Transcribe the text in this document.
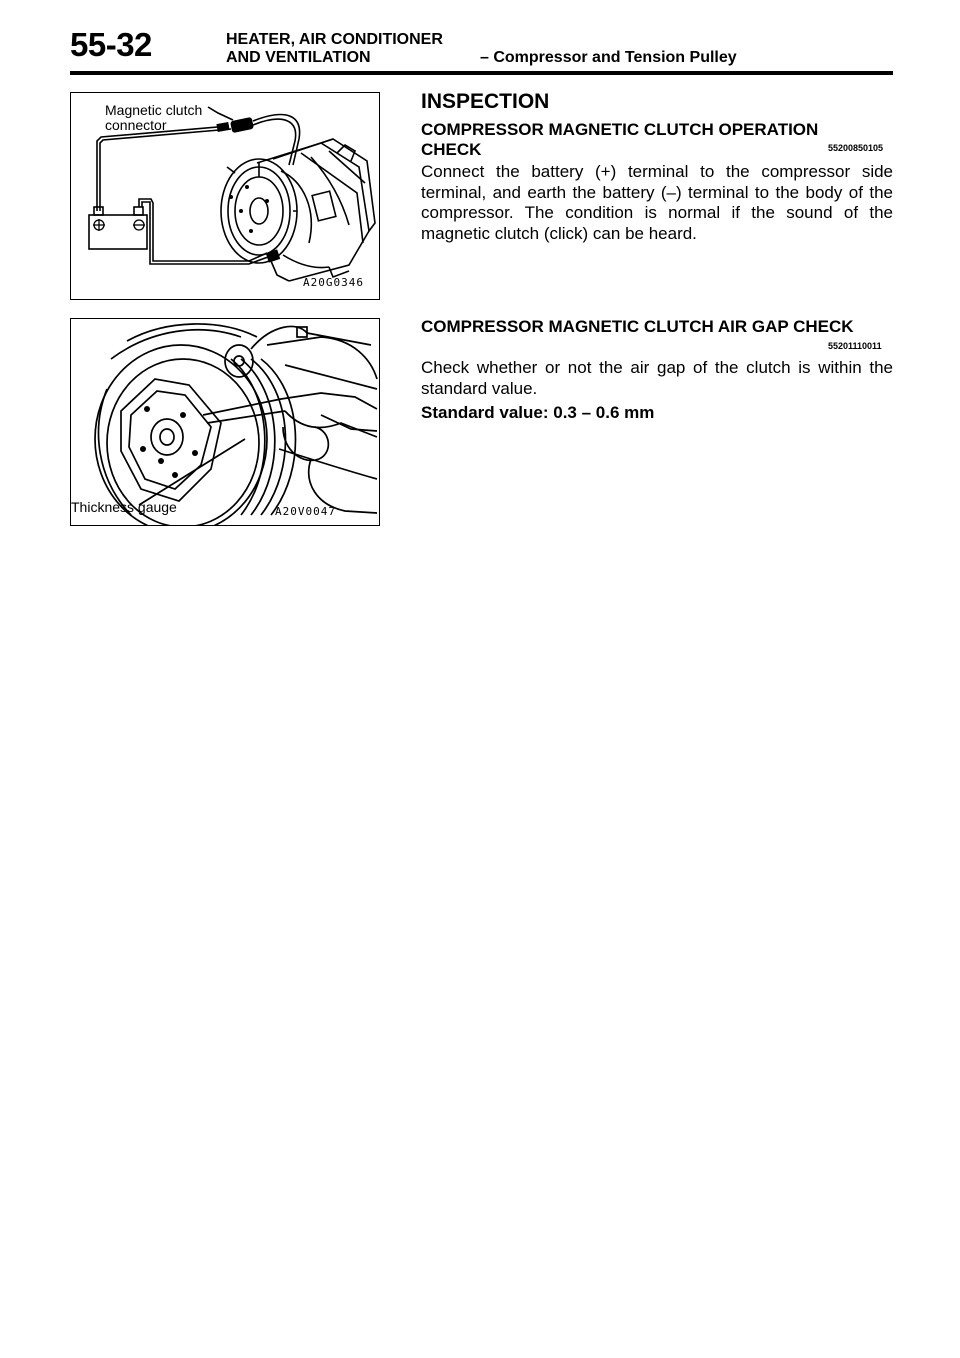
55-32	HEATER, AIR CONDITIONER
AND VENTILATION	– Compressor and Tension Pulley
Magnetic clutch
connector
A20G0346
Thickness gauge	A20V0047
INSPECTION
COMPRESSOR MAGNETIC CLUTCH OPERATION
CHECK	55200850105
Connect the battery (+) terminal to the compressor side terminal, and earth the battery (–) terminal to the body of the compressor. The condition is normal if the sound of the magnetic clutch (click) can be heard.
COMPRESSOR MAGNETIC CLUTCH AIR GAP CHECK
55201110011
Check whether or not the air gap of the clutch is within the standard value.
Standard value: 0.3 – 0.6 mm
